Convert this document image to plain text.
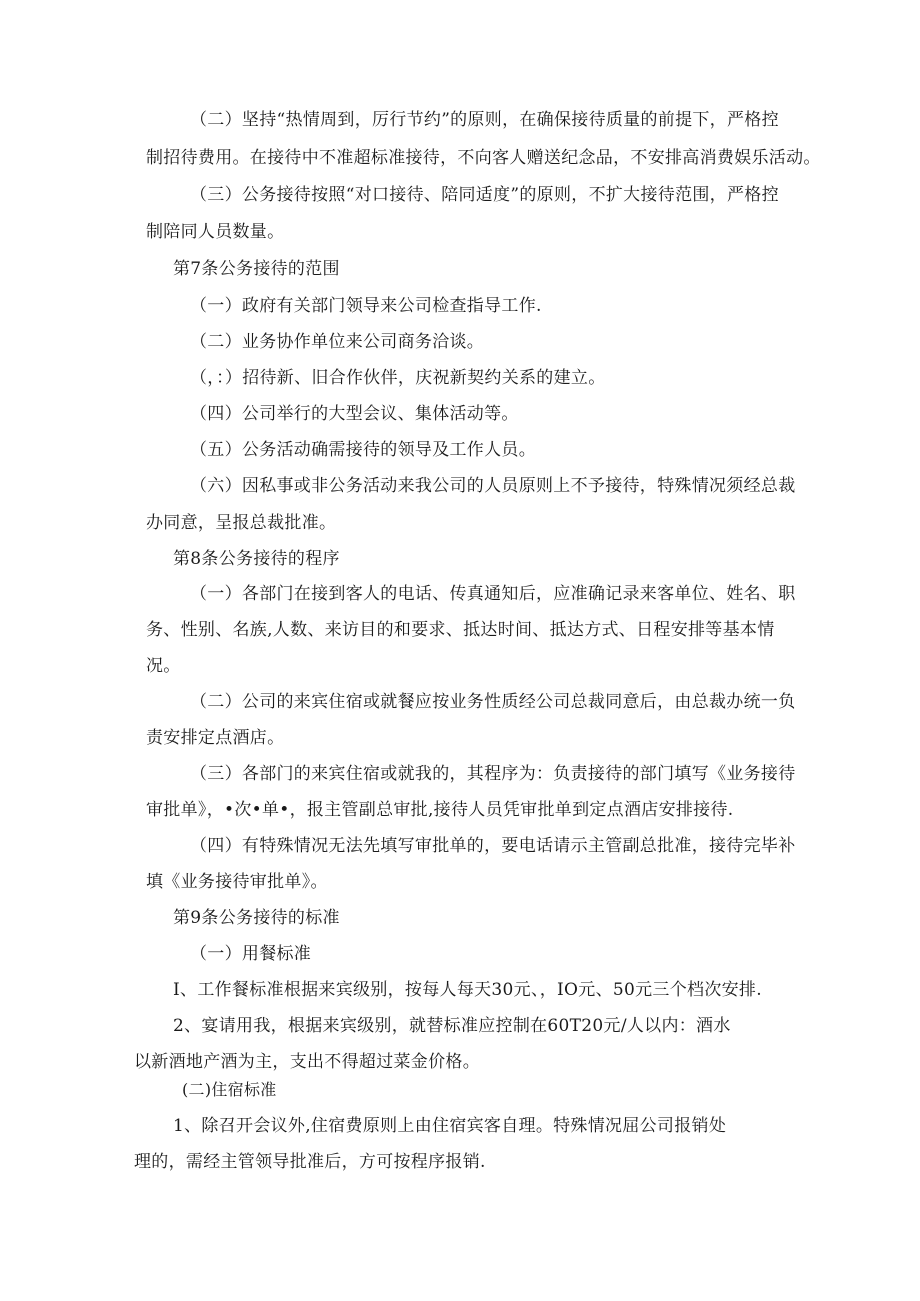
（二）坚持“热情周到，厉行节约”的原则，在确保接待质量的前提下，严格控
制招待费用。在接待中不准超标准接待，不向客人赠送纪念品，不安排高消费娱乐活动。
（三）公务接待按照“对口接待、陪同适度”的原则，不扩大接待范围，严格控
制陪同人员数量。
第7条公务接待的范围
（一）政府有关部门领导来公司检查指导工作.
（二）业务协作单位来公司商务洽谈。
（，：）招待新、旧合作伙伴，庆祝新契约关系的建立。
（四）公司举行的大型会议、集体活动等。
（五）公务活动确需接待的领导及工作人员。
（六）因私事或非公务活动来我公司的人员原则上不予接待，特殊情况须经总裁
办同意，呈报总裁批准。
第8条公务接待的程序
（一）各部门在接到客人的电话、传真通知后，应准确记录来客单位、姓名、职
务、性别、名族,人数、来访目的和要求、抵达时间、抵达方式、日程安排等基本情
况。
（二）公司的来宾住宿或就餐应按业务性质经公司总裁同意后，由总裁办统一负
责安排定点酒店。
（三）各部门的来宾住宿或就我的，其程序为：负责接待的部门填写《业务接待
审批单》，•次•单•，报主管副总审批,接待人员凭审批单到定点酒店安排接待.
（四）有特殊情况无法先填写审批单的，要电话请示主管副总批准，接待完毕补
填《业务接待审批单》。
第9条公务接待的标准
（一）用餐标准
I、工作餐标准根据来宾级别，按每人每天30元、，IO元、50元三个档次安排.
2、宴请用我，根据来宾级别，就替标准应控制在60T20元/人以内：酒水
以新酒地产酒为主，支出不得超过菜金价格。
(二)住宿标准
1、除召开会议外,住宿费原则上由住宿宾客自理。特殊情况屈公司报销处
理的，需经主管领导批准后，方可按程序报销.
